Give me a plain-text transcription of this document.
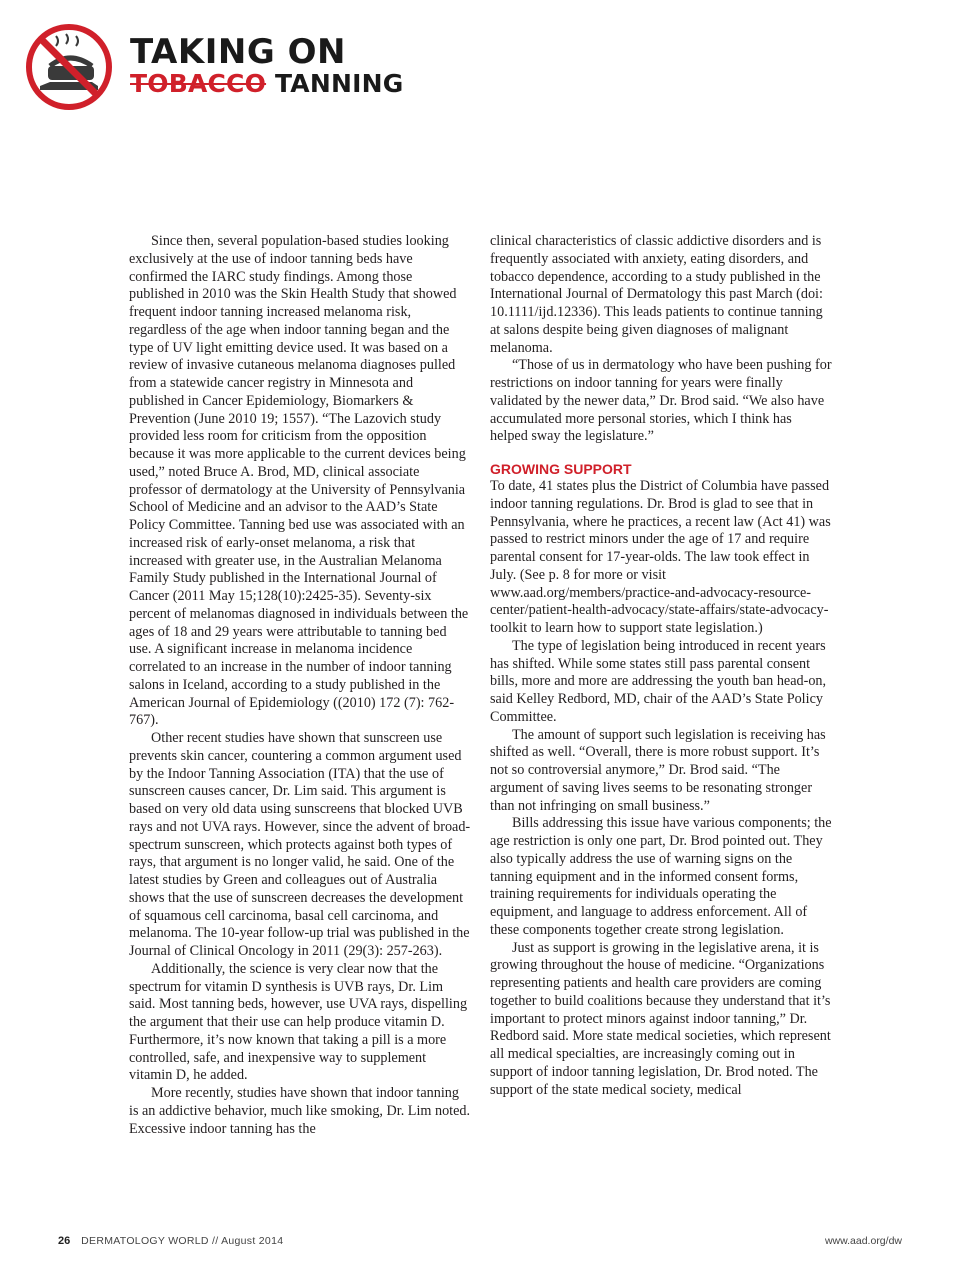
TAKING ON
TOBACCO TANNING

Since then, several population-based studies looking exclusively at the use of indoor tanning beds have confirmed the IARC study findings. Among those published in 2010 was the Skin Health Study that showed frequent indoor tanning increased melanoma risk, regardless of the age when indoor tanning began and the type of UV light emitting device used. It was based on a review of invasive cutaneous melanoma diagnoses pulled from a statewide cancer registry in Minnesota and published in Cancer Epidemiology, Biomarkers & Prevention (June 2010 19; 1557). “The Lazovich study provided less room for criticism from the opposition because it was more applicable to the current devices being used,” noted Bruce A. Brod, MD, clinical associate professor of dermatology at the University of Pennsylvania School of Medicine and an advisor to the AAD’s State Policy Committee. Tanning bed use was associated with an increased risk of early-onset melanoma, a risk that increased with greater use, in the Australian Melanoma Family Study published in the International Journal of Cancer (2011 May 15;128(10):2425-35). Seventy-six percent of melanomas diagnosed in individuals between the ages of 18 and 29 years were attributable to tanning bed use. A significant increase in melanoma incidence correlated to an increase in the number of indoor tanning salons in Iceland, according to a study published in the American Journal of Epidemiology ((2010) 172 (7): 762-767).

Other recent studies have shown that sunscreen use prevents skin cancer, countering a common argument used by the Indoor Tanning Association (ITA) that the use of sunscreen causes cancer, Dr. Lim said. This argument is based on very old data using sunscreens that blocked UVB rays and not UVA rays. However, since the advent of broad-spectrum sunscreen, which protects against both types of rays, that argument is no longer valid, he said. One of the latest studies by Green and colleagues out of Australia shows that the use of sunscreen decreases the development of squamous cell carcinoma, basal cell carcinoma, and melanoma. The 10-year follow-up trial was published in the Journal of Clinical Oncology in 2011 (29(3): 257-263).

Additionally, the science is very clear now that the spectrum for vitamin D synthesis is UVB rays, Dr. Lim said. Most tanning beds, however, use UVA rays, dispelling the argument that their use can help produce vitamin D. Furthermore, it’s now known that taking a pill is a more controlled, safe, and inexpensive way to supplement vitamin D, he added.

More recently, studies have shown that indoor tanning is an addictive behavior, much like smoking, Dr. Lim noted. Excessive indoor tanning has the

clinical characteristics of classic addictive disorders and is frequently associated with anxiety, eating disorders, and tobacco dependence, according to a study published in the International Journal of Dermatology this past March (doi: 10.1111/ijd.12336). This leads patients to continue tanning at salons despite being given diagnoses of malignant melanoma.

“Those of us in dermatology who have been pushing for restrictions on indoor tanning for years were finally validated by the newer data,” Dr. Brod said. “We also have accumulated more personal stories, which I think has helped sway the legislature.”

GROWING SUPPORT

To date, 41 states plus the District of Columbia have passed indoor tanning regulations. Dr. Brod is glad to see that in Pennsylvania, where he practices, a recent law (Act 41) was passed to restrict minors under the age of 17 and require parental consent for 17-year-olds. The law took effect in July. (See p. 8 for more or visit www.aad.org/members/practice-and-advocacy-resource-center/patient-health-advocacy/state-affairs/state-advocacy-toolkit to learn how to support state legislation.)

The type of legislation being introduced in recent years has shifted. While some states still pass parental consent bills, more and more are addressing the youth ban head-on, said Kelley Redbord, MD, chair of the AAD’s State Policy Committee.

The amount of support such legislation is receiving has shifted as well. “Overall, there is more robust support. It’s not so controversial anymore,” Dr. Brod said. “The argument of saving lives seems to be resonating stronger than not infringing on small business.”

Bills addressing this issue have various components; the age restriction is only one part, Dr. Brod pointed out. They also typically address the use of warning signs on the tanning equipment and in the informed consent forms, training requirements for individuals operating the equipment, and language to address enforcement. All of these components together create strong legislation.

Just as support is growing in the legislative arena, it is growing throughout the house of medicine. “Organizations representing patients and health care providers are coming together to build coalitions because they understand that it’s important to protect minors against indoor tanning,” Dr. Redbord said. More state medical societies, which represent all medical specialties, are increasingly coming out in support of indoor tanning legislation, Dr. Brod noted. The support of the state medical society, medical

26 DERMATOLOGY WORLD // August 2014	www.aad.org/dw
